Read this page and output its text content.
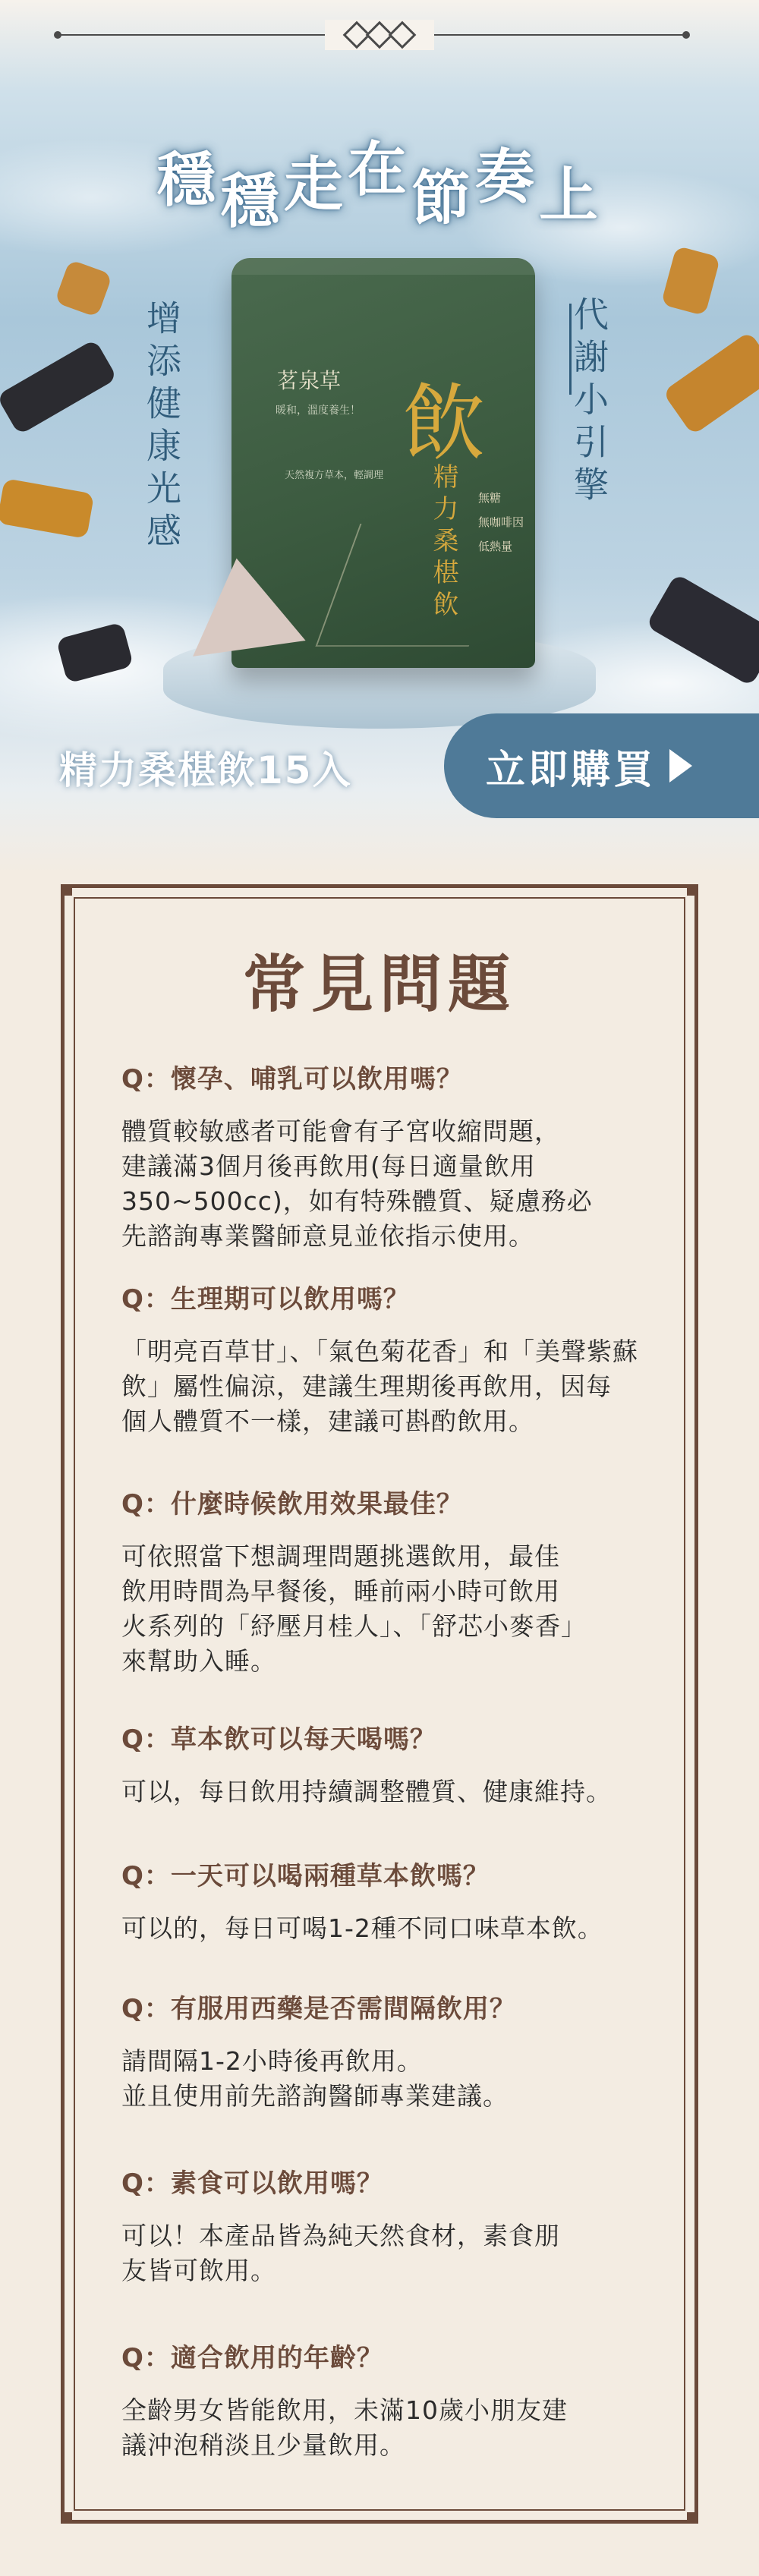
穩穩走在節奏上
增添健康光感	代謝小引擎
茗泉草
暖和，溫度養生！
天然複方草本，輕調理
飲
精力桑椹飲	無糖
無咖啡因
低熱量
精力桑椹飲15入	立即購買
常見問題

Q：懷孕、哺乳可以飲用嗎？

體質較敏感者可能會有子宮收縮問題，
建議滿3個月後再飲用(每日適量飲用
350~500cc)，如有特殊體質、疑慮務必
先諮詢專業醫師意見並依指示使用。

Q：生理期可以飲用嗎？

「明亮百草甘」、「氣色菊花香」和「美聲紫蘇
飲」屬性偏涼，建議生理期後再飲用，因每
個人體質不一樣，建議可斟酌飲用。

Q：什麼時候飲用效果最佳？

可依照當下想調理問題挑選飲用，最佳
飲用時間為早餐後，睡前兩小時可飲用
火系列的「紓壓月桂人」、「舒芯小麥香」
來幫助入睡。

Q：草本飲可以每天喝嗎？

可以，每日飲用持續調整體質、健康維持。

Q：一天可以喝兩種草本飲嗎？

可以的，每日可喝1-2種不同口味草本飲。

Q：有服用西藥是否需間隔飲用？

請間隔1-2小時後再飲用。
並且使用前先諮詢醫師專業建議。

Q：素食可以飲用嗎？

可以！本產品皆為純天然食材，素食朋
友皆可飲用。

Q：適合飲用的年齡？

全齡男女皆能飲用，未滿10歲小朋友建
議沖泡稍淡且少量飲用。
